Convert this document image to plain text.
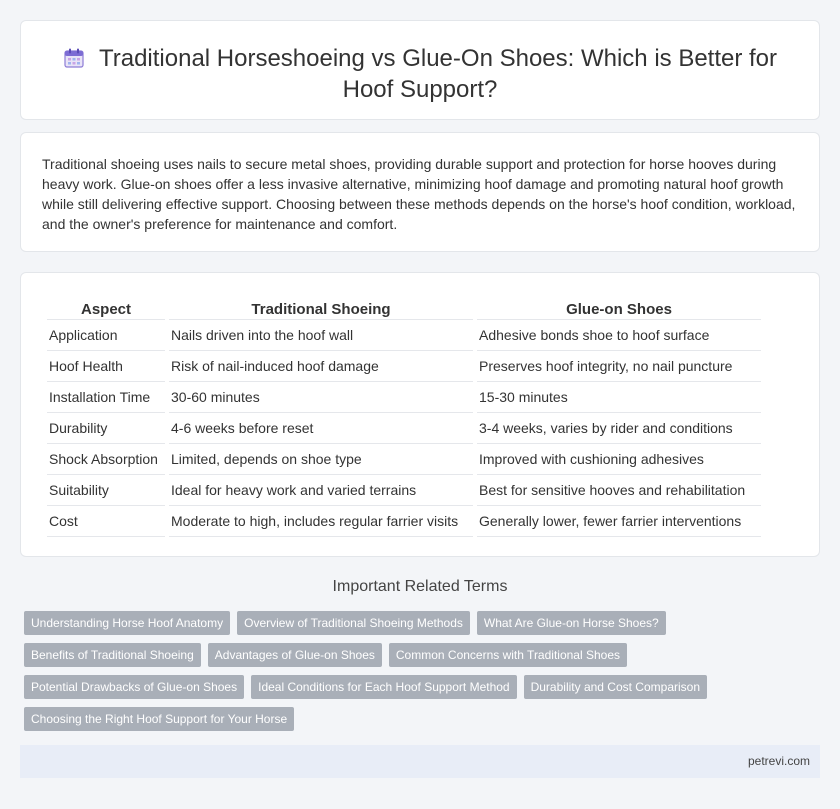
Traditional Horseshoeing vs Glue-On Shoes: Which is Better for Hoof Support?

Traditional shoeing uses nails to secure metal shoes, providing durable support and protection for horse hooves during heavy work. Glue-on shoes offer a less invasive alternative, minimizing hoof damage and promoting natural hoof growth while still delivering effective support. Choosing between these methods depends on the horse's hoof condition, workload, and the owner's preference for maintenance and comfort.

Aspect	Traditional Shoeing	Glue-on Shoes
Application	Nails driven into the hoof wall	Adhesive bonds shoe to hoof surface
Hoof Health	Risk of nail-induced hoof damage	Preserves hoof integrity, no nail puncture
Installation Time	30-60 minutes	15-30 minutes
Durability	4-6 weeks before reset	3-4 weeks, varies by rider and conditions
Shock Absorption	Limited, depends on shoe type	Improved with cushioning adhesives
Suitability	Ideal for heavy work and varied terrains	Best for sensitive hooves and rehabilitation
Cost	Moderate to high, includes regular farrier visits	Generally lower, fewer farrier interventions
Important Related Terms
Understanding Horse Hoof Anatomy	Overview of Traditional Shoeing Methods	What Are Glue-on Horse Shoes?
Benefits of Traditional Shoeing	Advantages of Glue-on Shoes	Common Concerns with Traditional Shoes
Potential Drawbacks of Glue-on Shoes	Ideal Conditions for Each Hoof Support Method	Durability and Cost Comparison
Choosing the Right Hoof Support for Your Horse
petrevi.com
